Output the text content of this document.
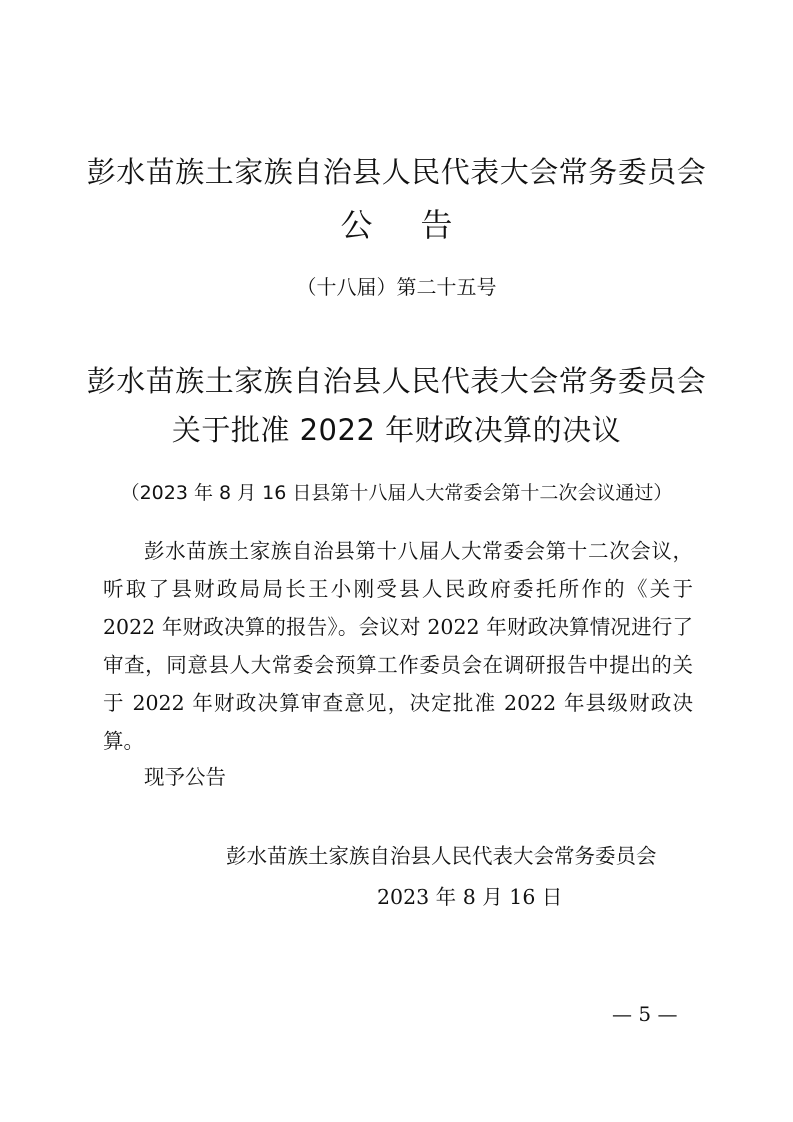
彭水苗族土家族自治县人民代表大会常务委员会
公 告
（十八届）第二十五号
彭水苗族土家族自治县人民代表大会常务委员会
关于批准 2022 年财政决算的决议
（2023 年 8 月 16 日县第十八届人大常委会第十二次会议通过）

彭水苗族土家族自治县第十八届人大常委会第十二次会议，听取了县财政局局长王小刚受县人民政府委托所作的《关于 2022 年财政决算的报告》。会议对 2022 年财政决算情况进行了审查，同意县人大常委会预算工作委员会在调研报告中提出的关于 2022 年财政决算审查意见，决定批准 2022 年县级财政决算。

现予公告
彭水苗族土家族自治县人民代表大会常务委员会
2023 年 8 月 16 日
— 5 —
